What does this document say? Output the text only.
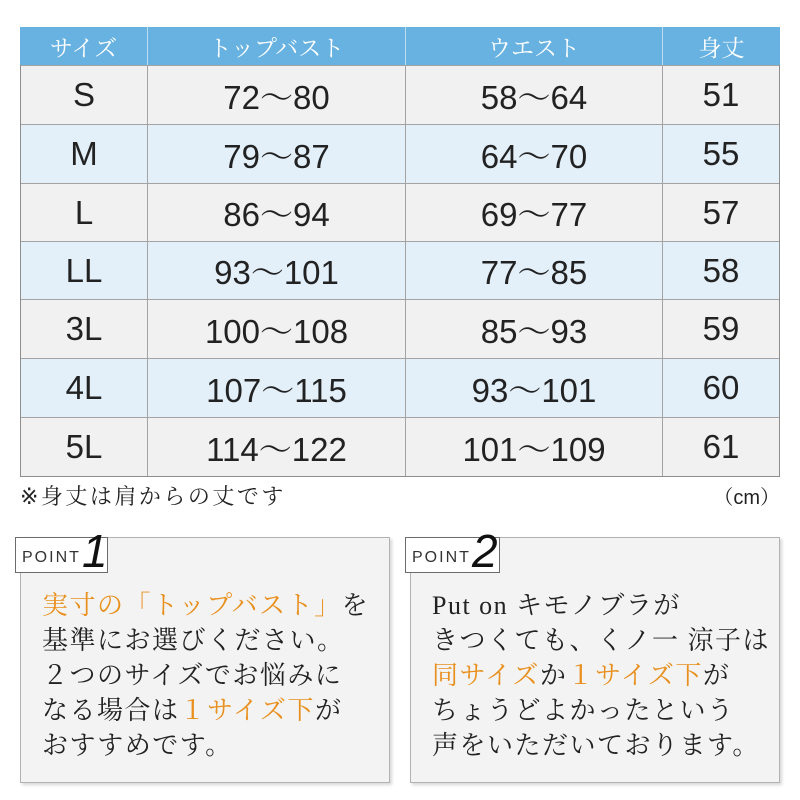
サイズ	トップバスト	ウエスト	身丈
S	72〜80	58〜64	51
M	79〜87	64〜70	55
L	86〜94	69〜77	57
LL	93〜101	77〜85	58
3L	100〜108	85〜93	59
4L	107〜115	93〜101	60
5L	114〜122	101〜109	61
※身丈は肩からの丈です	（cm）
実寸の「トップバスト」を
基準にお選びください。
２つのサイズでお悩みに
なる場合は１サイズ下が
おすすめです。
POINT 1
Put on キモノブラが
きつくても、くノ一 涼子は
同サイズか１サイズ下が
ちょうどよかったという
声をいただいております。
POINT 2
